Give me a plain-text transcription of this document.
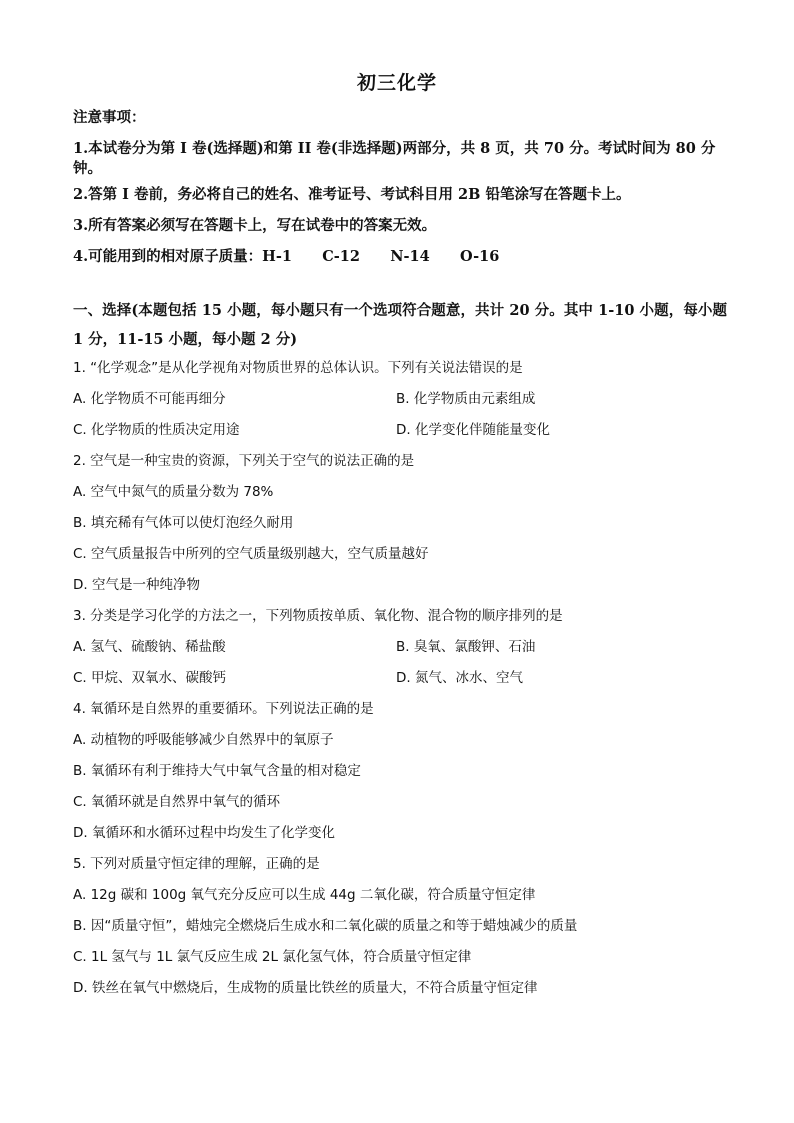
初三化学
注意事项：
1.本试卷分为第 I 卷(选择题)和第 II 卷(非选择题)两部分，共 8 页，共 70 分。考试时间为 80 分钟。
2.答第 I 卷前，务必将自己的姓名、准考证号、考试科目用 2B 铅笔涂写在答题卡上。
3.所有答案必须写在答题卡上，写在试卷中的答案无效。
4.可能用到的相对原子质量：H-1      C-12      N-14      O-16
一、选择(本题包括 15 小题，每小题只有一个选项符合题意，共计 20 分。其中 1-10 小题，每小题 1 分，11-15 小题，每小题 2 分)
1. “化学观念”是从化学视角对物质世界的总体认识。下列有关说法错误的是
A. 化学物质不可能再细分	B. 化学物质由元素组成
C. 化学物质的性质决定用途	D. 化学变化伴随能量变化
2. 空气是一种宝贵的资源，下列关于空气的说法正确的是
A. 空气中氮气的质量分数为 78%
B. 填充稀有气体可以使灯泡经久耐用
C. 空气质量报告中所列的空气质量级别越大，空气质量越好
D. 空气是一种纯净物
3. 分类是学习化学的方法之一，下列物质按单质、氧化物、混合物的顺序排列的是
A. 氢气、硫酸钠、稀盐酸	B. 臭氧、氯酸钾、石油
C. 甲烷、双氧水、碳酸钙	D. 氮气、冰水、空气
4. 氧循环是自然界的重要循环。下列说法正确的是
A. 动植物的呼吸能够减少自然界中的氧原子
B. 氧循环有利于维持大气中氧气含量的相对稳定
C. 氧循环就是自然界中氧气的循环
D. 氧循环和水循环过程中均发生了化学变化
5. 下列对质量守恒定律的理解，正确的是
A. 12g 碳和 100g 氧气充分反应可以生成 44g 二氧化碳，符合质量守恒定律
B. 因“质量守恒”，蜡烛完全燃烧后生成水和二氧化碳的质量之和等于蜡烛减少的质量
C. 1L 氢气与 1L 氯气反应生成 2L 氯化氢气体，符合质量守恒定律
D. 铁丝在氧气中燃烧后，生成物的质量比铁丝的质量大，不符合质量守恒定律
